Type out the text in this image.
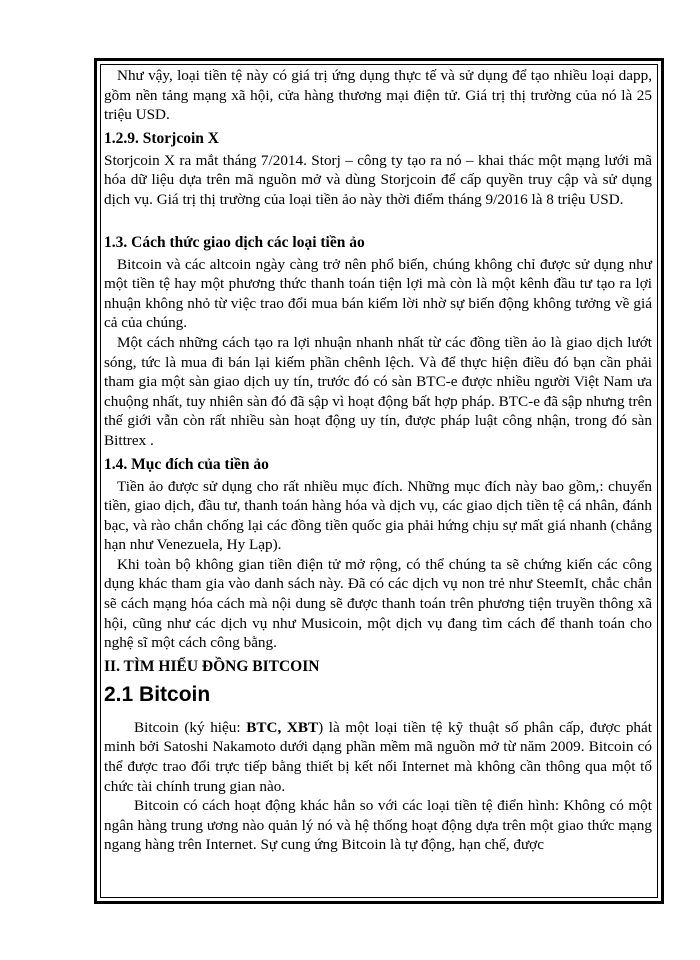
Như vậy, loại tiền tệ này có giá trị ứng dụng thực tế và sử dụng để tạo nhiều loại dapp, gồm nền tảng mạng xã hội, cửa hàng thương mại điện tử. Giá trị thị trường của nó là 25 triệu USD.

1.2.9. Storjcoin X

Storjcoin X ra mắt tháng 7/2014. Storj – công ty tạo ra nó – khai thác một mạng lưới mã hóa dữ liệu dựa trên mã nguồn mở và dùng Storjcoin để cấp quyền truy cập và sử dụng dịch vụ. Giá trị thị trường của loại tiền ảo này thời điểm tháng 9/2016 là 8 triệu USD.

1.3. Cách thức giao dịch các loại tiền ảo

Bitcoin và các altcoin ngày càng trở nên phổ biến, chúng không chỉ được sử dụng như một tiền tệ hay một phương thức thanh toán tiện lợi mà còn là một kênh đầu tư tạo ra lợi nhuận không nhỏ từ việc trao đổi mua bán kiếm lời nhờ sự biến động không tưởng về giá cả của chúng.

Một cách những cách tạo ra lợi nhuận nhanh nhất từ các đồng tiền ảo là giao dịch lướt sóng, tức là mua đi bán lại kiếm phần chênh lệch. Và để thực hiện điều đó bạn cần phải tham gia một sàn giao dịch uy tín, trước đó có sàn BTC-e được nhiều người Việt Nam ưa chuộng nhất, tuy nhiên sàn đó đã sập vì hoạt động bất hợp pháp. BTC-e đã sập nhưng trên thế giới vẫn còn rất nhiều sàn hoạt động uy tín, được pháp luật công nhận, trong đó sàn Bittrex .

1.4. Mục đích của tiền ảo

Tiền ảo được sử dụng cho rất nhiều mục đích. Những mục đích này bao gồm,: chuyển tiền, giao dịch, đầu tư, thanh toán hàng hóa và dịch vụ, các giao dịch tiền tệ cá nhân, đánh bạc, và rào chắn chống lại các đồng tiền quốc gia phải hứng chịu sự mất giá nhanh (chẳng hạn như Venezuela, Hy Lạp).

Khi toàn bộ không gian tiền điện tử mở rộng, có thể chúng ta sẽ chứng kiến các công dụng khác tham gia vào danh sách này. Đã có các dịch vụ non trẻ như SteemIt, chắc chắn sẽ cách mạng hóa cách mà nội dung sẽ được thanh toán trên phương tiện truyền thông xã hội, cũng như các dịch vụ như Musicoin, một dịch vụ đang tìm cách để thanh toán cho nghệ sĩ một cách công bằng.

II. TÌM HIỂU ĐỒNG BITCOIN
2.1 Bitcoin

Bitcoin (ký hiệu: BTC, XBT) là một loại tiền tệ kỹ thuật số phân cấp, được phát minh bởi Satoshi Nakamoto dưới dạng phần mềm mã nguồn mở từ năm 2009. Bitcoin có thể được trao đổi trực tiếp bằng thiết bị kết nối Internet mà không cần thông qua một tổ chức tài chính trung gian nào.

Bitcoin có cách hoạt động khác hẳn so với các loại tiền tệ điển hình: Không có một ngân hàng trung ương nào quản lý nó và hệ thống hoạt động dựa trên một giao thức mạng ngang hàng trên Internet. Sự cung ứng Bitcoin là tự động, hạn chế, được
